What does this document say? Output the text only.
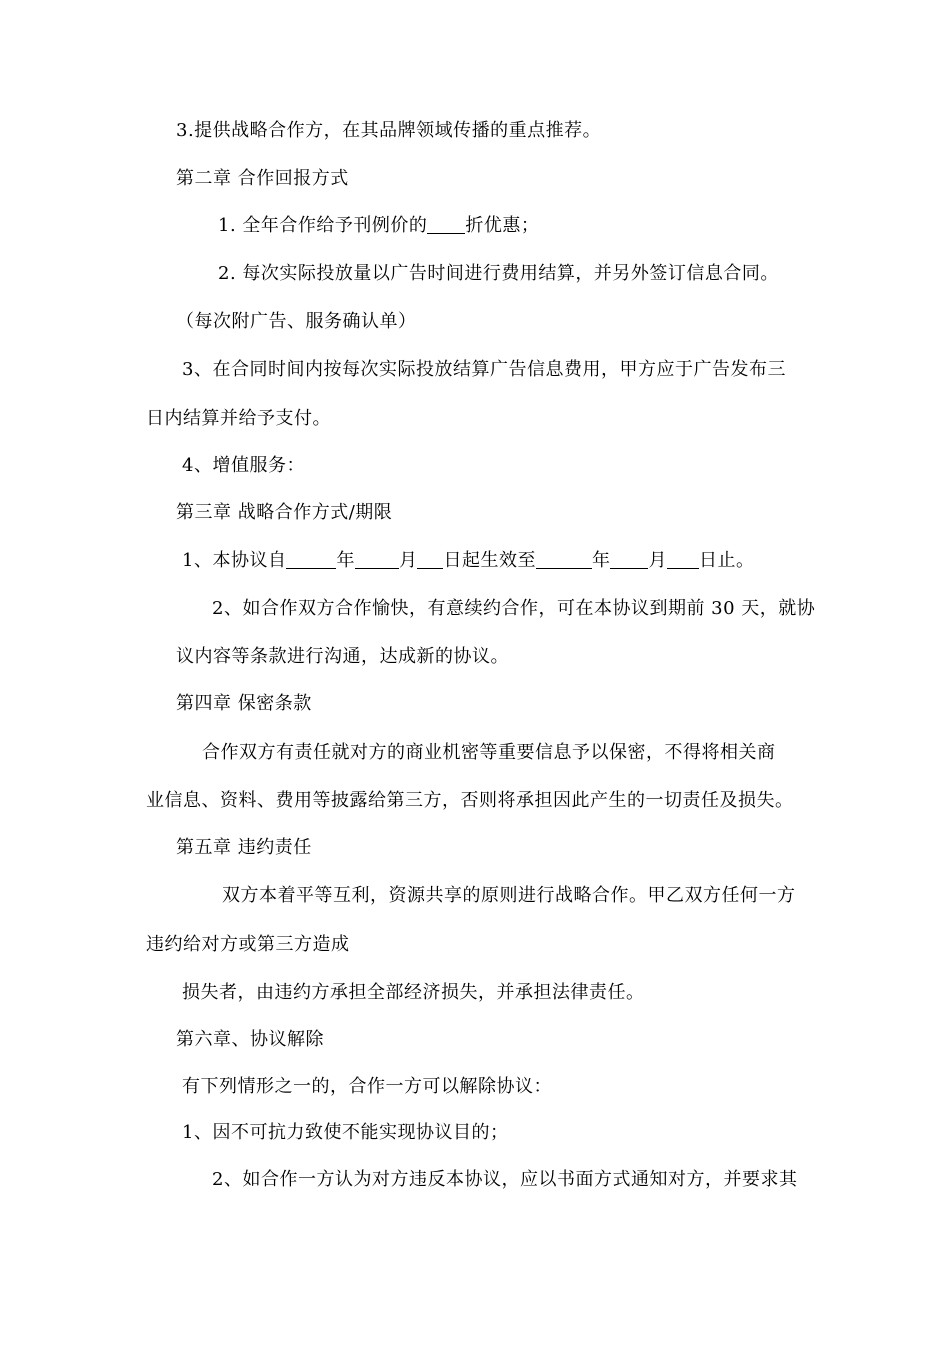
3.提供战略合作方，在其品牌领域传播的重点推荐。
第二章 合作回报方式
1. 全年合作给予刊例价的 折优惠；
2. 每次实际投放量以广告时间进行费用结算，并另外签订信息合同。
（每次附广告、服务确认单）
3、在合同时间内按每次实际投放结算广告信息费用，甲方应于广告发布三
日内结算并给予支付。
4、增值服务：
第三章 战略合作方式/期限
1、本协议自	年 月 日起生效至	年 月 日止。
2、如合作双方合作愉快，有意续约合作，可在本协议到期前 30 天，就协
议内容等条款进行沟通，达成新的协议。
第四章 保密条款
合作双方有责任就对方的商业机密等重要信息予以保密，不得将相关商
业信息、资料、费用等披露给第三方，否则将承担因此产生的一切责任及损失。
第五章 违约责任
双方本着平等互利，资源共享的原则进行战略合作。甲乙双方任何一方
违约给对方或第三方造成
损失者，由违约方承担全部经济损失，并承担法律责任。
第六章、协议解除
有下列情形之一的，合作一方可以解除协议：
1、因不可抗力致使不能实现协议目的；
2、如合作一方认为对方违反本协议，应以书面方式通知对方，并要求其
